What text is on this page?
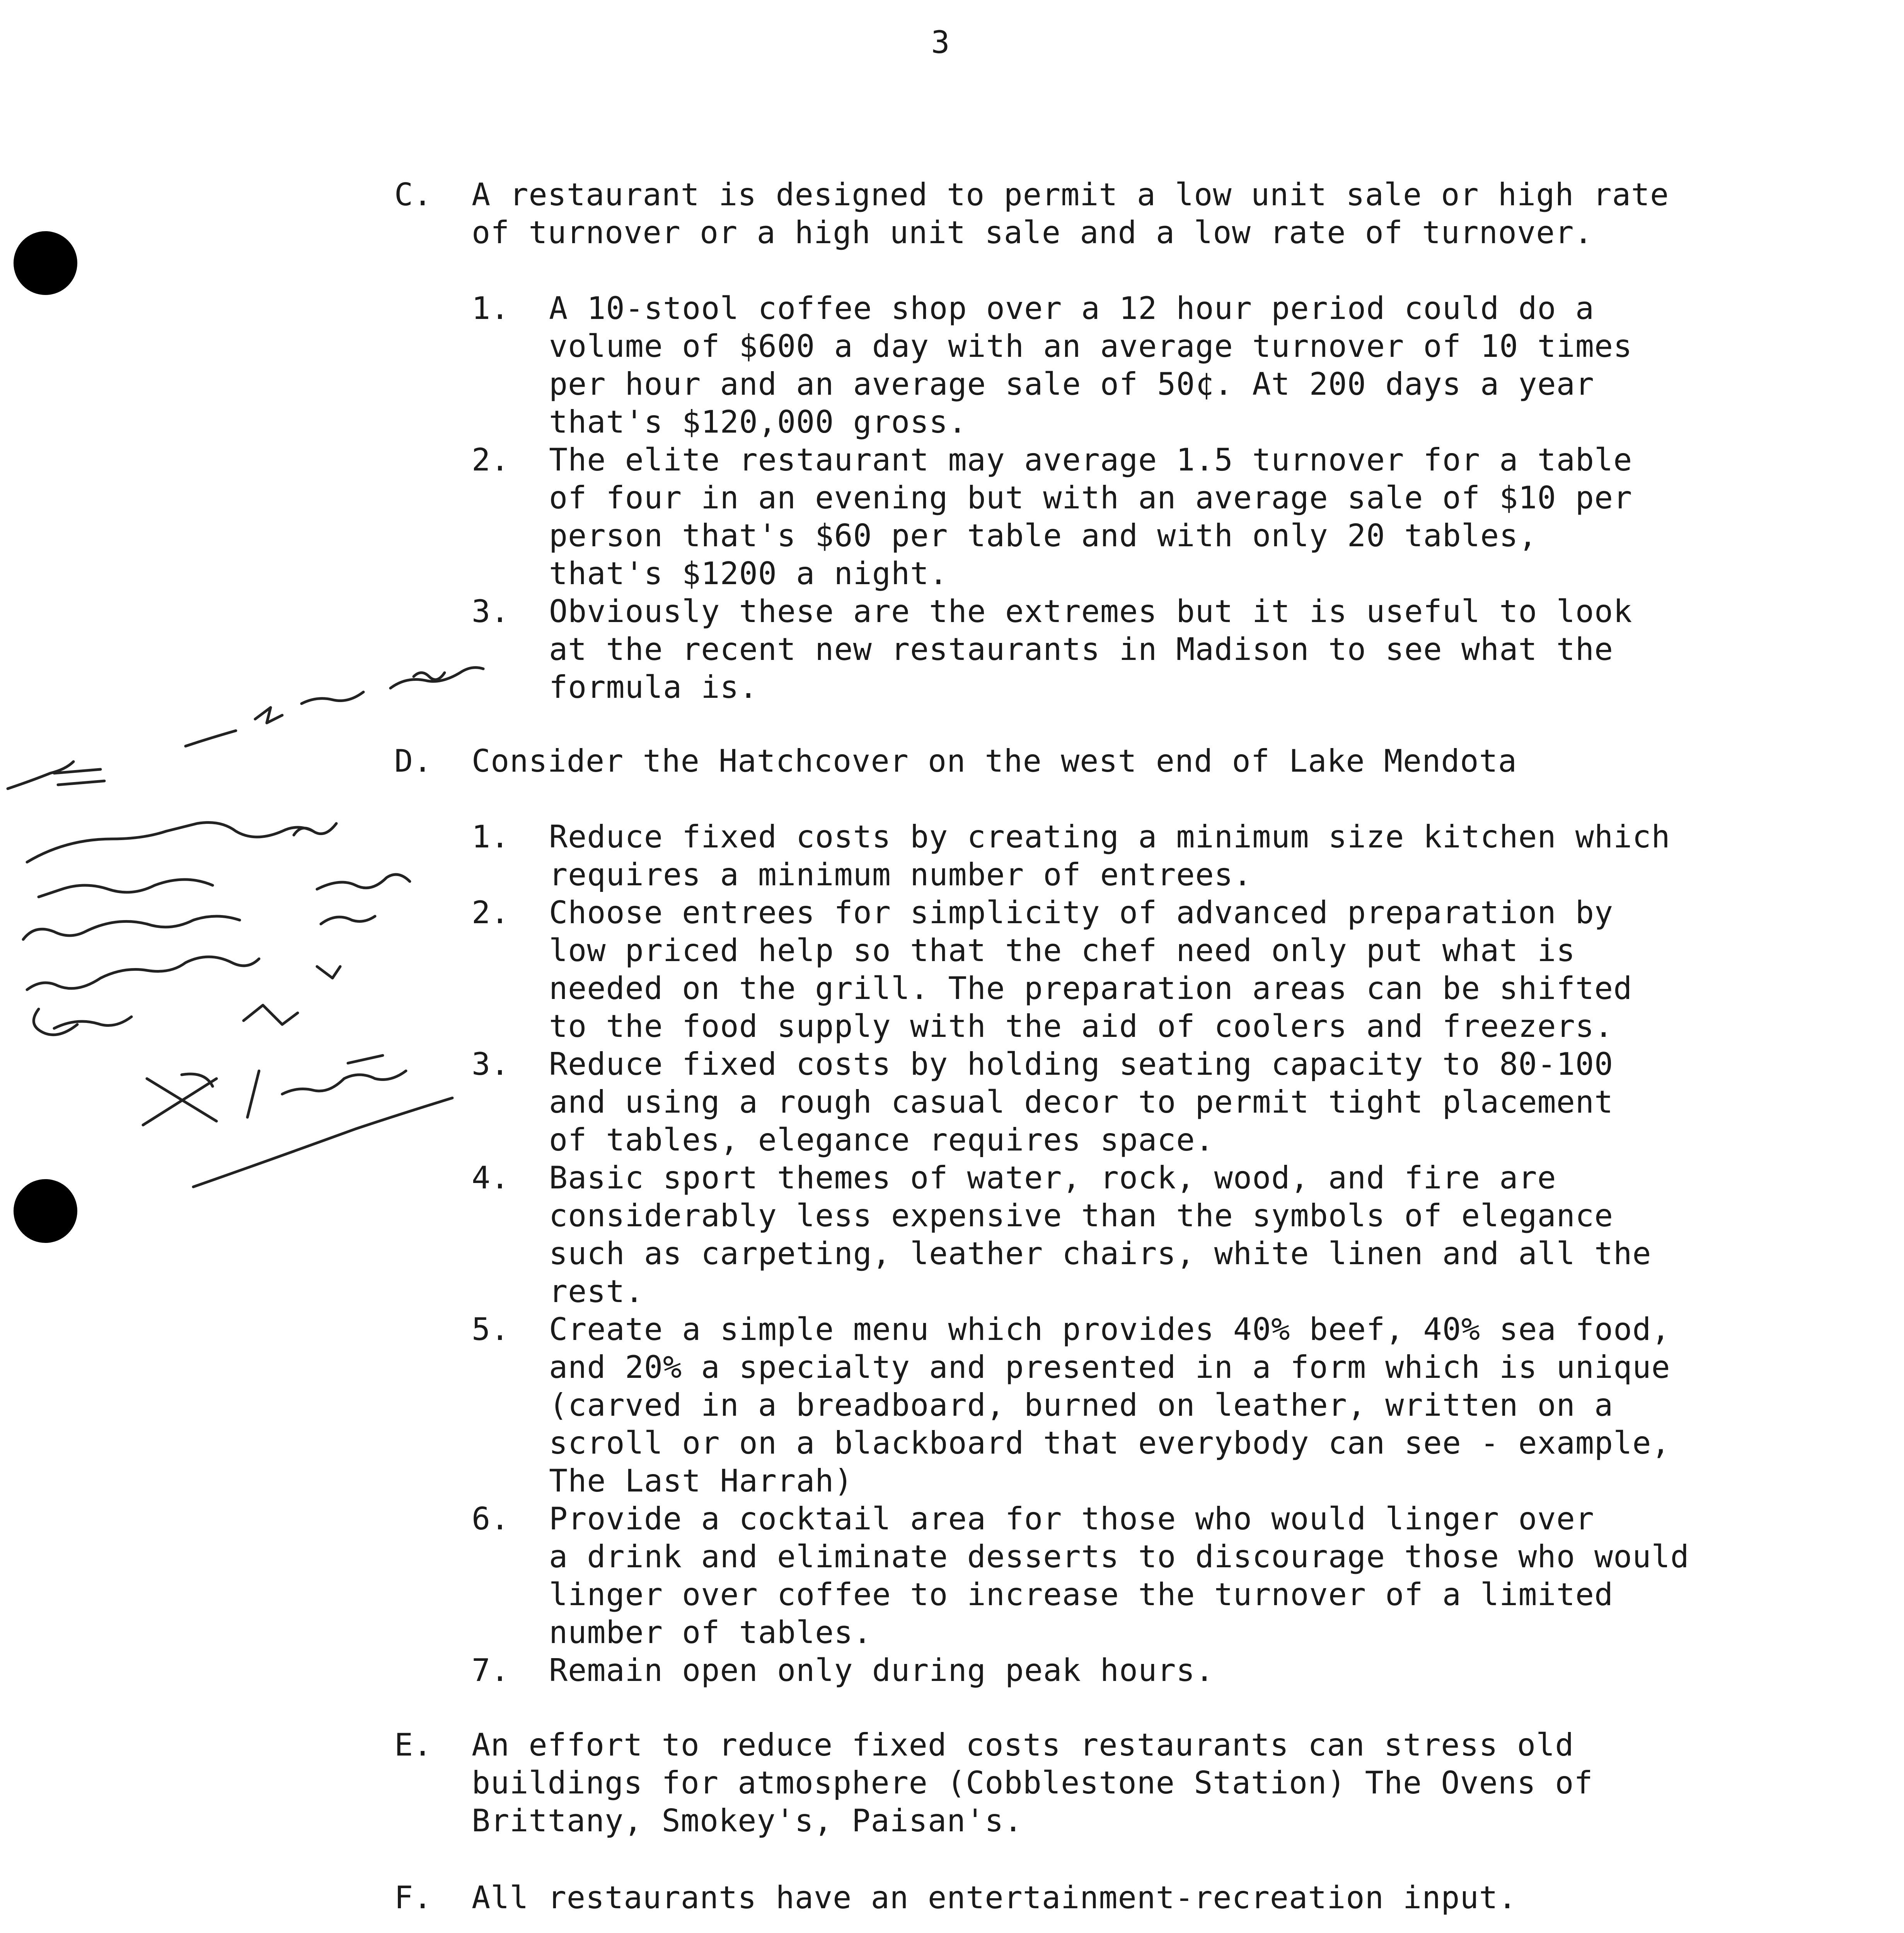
3
C. A restaurant is designed to permit a low unit sale or high rate
of turnover or a high unit sale and a low rate of turnover.
1. A 10-stool coffee shop over a 12 hour period could do a
volume of $600 a day with an average turnover of 10 times
per hour and an average sale of 50¢. At 200 days a year
that's $120,000 gross.
2. The elite restaurant may average 1.5 turnover for a table
of four in an evening but with an average sale of $10 per
person that's $60 per table and with only 20 tables,
that's $1200 a night.
3. Obviously these are the extremes but it is useful to look
at the recent new restaurants in Madison to see what the
formula is.
D. Consider the Hatchcover on the west end of Lake Mendota
1. Reduce fixed costs by creating a minimum size kitchen which
requires a minimum number of entrees.
2. Choose entrees for simplicity of advanced preparation by
low priced help so that the chef need only put what is
needed on the grill. The preparation areas can be shifted
to the food supply with the aid of coolers and freezers.
3. Reduce fixed costs by holding seating capacity to 80-100
and using a rough casual decor to permit tight placement
of tables, elegance requires space.
4. Basic sport themes of water, rock, wood, and fire are
considerably less expensive than the symbols of elegance
such as carpeting, leather chairs, white linen and all the
rest.
5. Create a simple menu which provides 40% beef, 40% sea food,
and 20% a specialty and presented in a form which is unique
(carved in a breadboard, burned on leather, written on a
scroll or on a blackboard that everybody can see - example,
The Last Harrah)
6. Provide a cocktail area for those who would linger over
a drink and eliminate desserts to discourage those who would
linger over coffee to increase the turnover of a limited
number of tables.
7. Remain open only during peak hours.
E. An effort to reduce fixed costs restaurants can stress old
buildings for atmosphere (Cobblestone Station) The Ovens of
Brittany, Smokey's, Paisan's.
F. All restaurants have an entertainment-recreation input.
